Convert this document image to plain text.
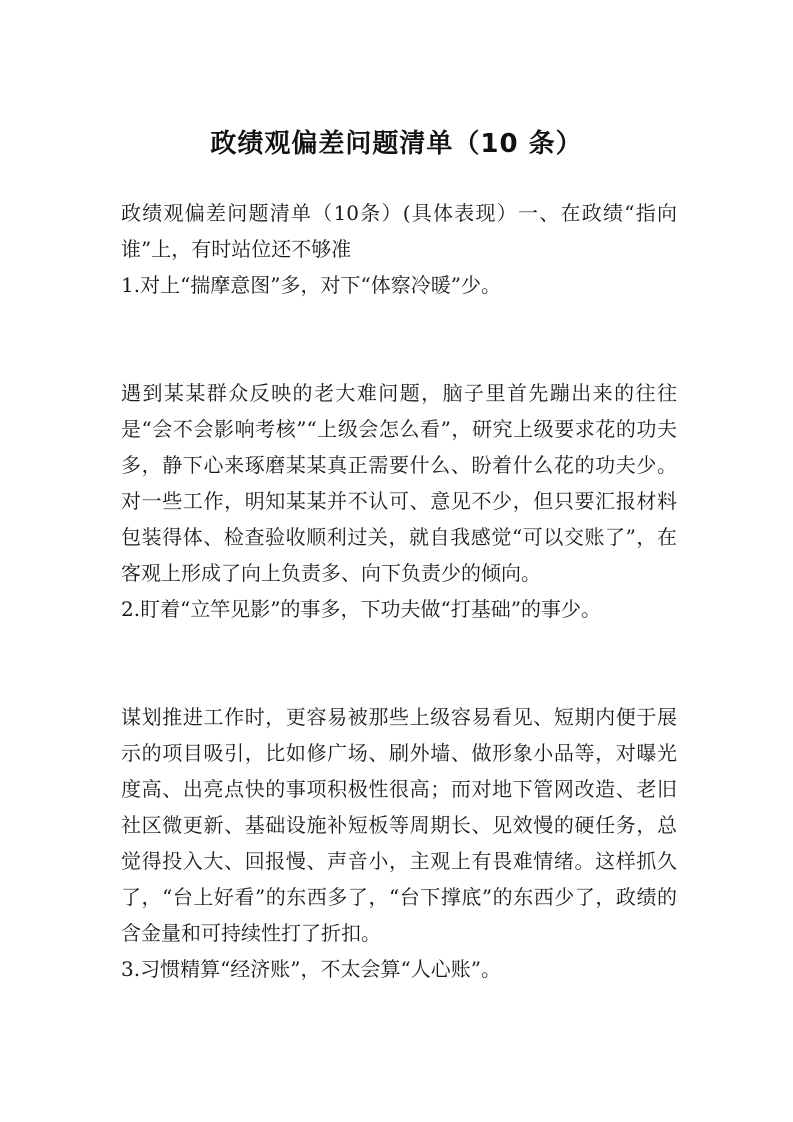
政绩观偏差问题清单（10 条）

政绩观偏差问题清单（10条）(具体表现）一、在政绩“指向谁”上，有时站位还不够准

1.对上“揣摩意图”多，对下“体察冷暖”少。

遇到某某群众反映的老大难问题，脑子里首先蹦出来的往往是“会不会影响考核”“上级会怎么看”，研究上级要求花的功夫多，静下心来琢磨某某真正需要什么、盼着什么花的功夫少。对一些工作，明知某某并不认可、意见不少，但只要汇报材料包装得体、检查验收顺利过关，就自我感觉“可以交账了”，在客观上形成了向上负责多、向下负责少的倾向。

2.盯着“立竿见影”的事多，下功夫做“打基础”的事少。

谋划推进工作时，更容易被那些上级容易看见、短期内便于展示的项目吸引，比如修广场、刷外墙、做形象小品等，对曝光度高、出亮点快的事项积极性很高；而对地下管网改造、老旧社区微更新、基础设施补短板等周期长、见效慢的硬任务，总觉得投入大、回报慢、声音小，主观上有畏难情绪。这样抓久了，“台上好看”的东西多了，“台下撑底”的东西少了，政绩的含金量和可持续性打了折扣。

3.习惯精算“经济账”，不太会算“人心账”。
